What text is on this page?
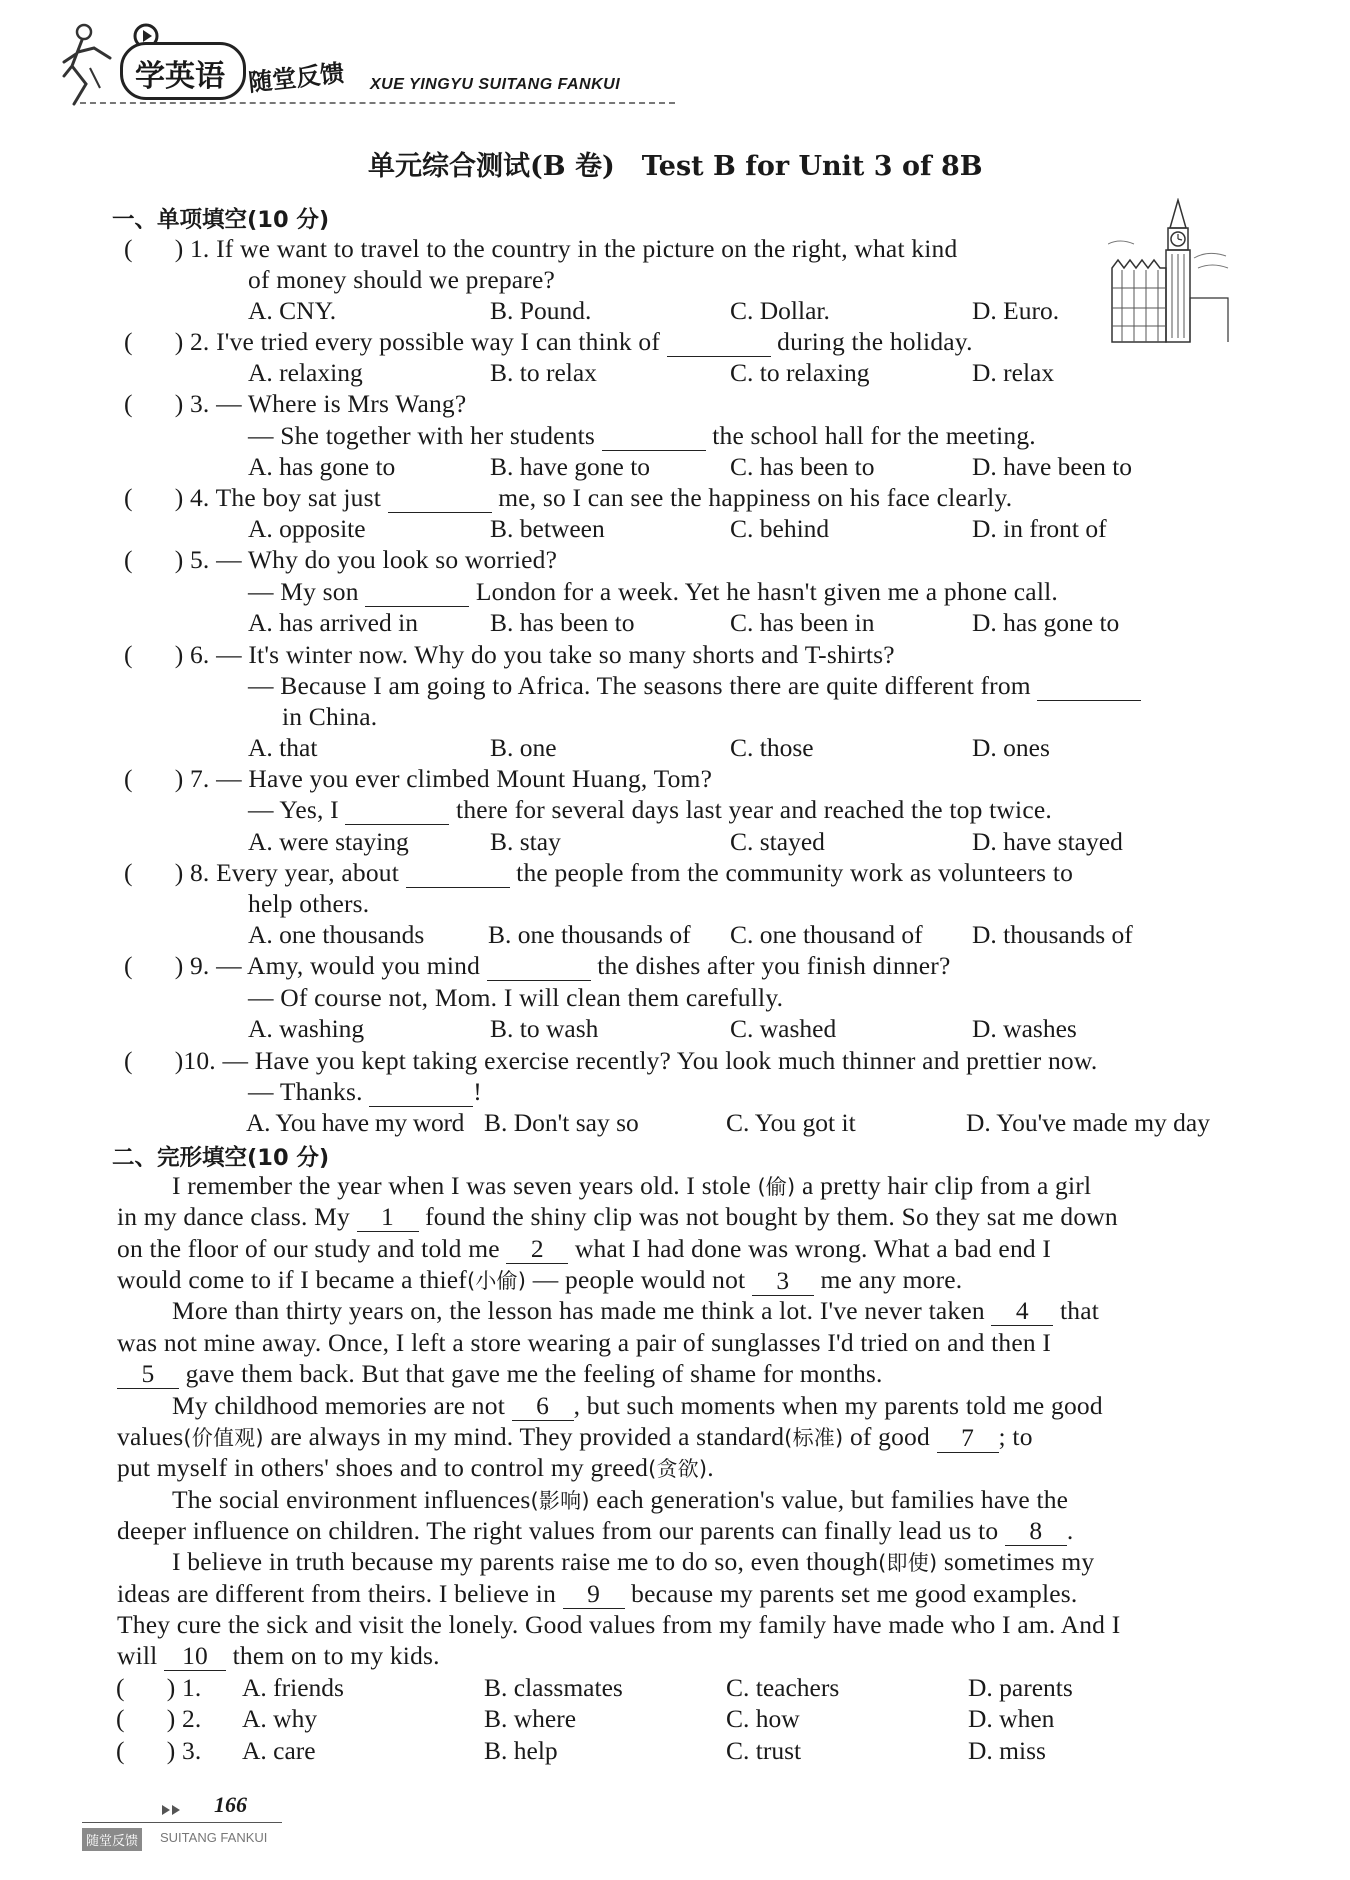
学英语 随堂反馈 XUE YINGYU SUITANG FANKUI
单元综合测试(B 卷)　Test B for Unit 3 of 8B
一、单项填空(10 分)
( ) 1. If we want to travel to the country in the picture on the right, what kind
of money should we prepare?
A. CNY.	B. Pound.	C. Dollar.	D. Euro.
( ) 2. I've tried every possible way I can think of	during the holiday.
A. relaxing	B. to relax	C. to relaxing	D. relax
( ) 3. — Where is Mrs Wang?
— She together with her students	the school hall for the meeting.
A. has gone to	B. have gone to	C. has been to	D. have been to
( ) 4. The boy sat just	me, so I can see the happiness on his face clearly.
A. opposite	B. between	C. behind	D. in front of
( ) 5. — Why do you look so worried?
— My son	London for a week. Yet he hasn't given me a phone call.
A. has arrived in	B. has been to	C. has been in	D. has gone to
( ) 6. — It's winter now. Why do you take so many shorts and T-shirts?
— Because I am going to Africa. The seasons there are quite different from
in China.
A. that	B. one	C. those	D. ones
( ) 7. — Have you ever climbed Mount Huang, Tom?
— Yes, I	there for several days last year and reached the top twice.
A. were staying	B. stay	C. stayed	D. have stayed
( ) 8. Every year, about	the people from the community work as volunteers to
help others.
A. one thousands B. one thousands of C. one thousand of D. thousands of
( ) 9. — Amy, would you mind	the dishes after you finish dinner?
— Of course not, Mom. I will clean them carefully.
A. washing	B. to wash	C. washed	D. washes
( )10. — Have you kept taking exercise recently? You look much thinner and prettier now.
— Thanks.	!
A. You have my word B. Don't say so	C. You got it	D. You've made my day
二、完形填空(10 分)
I remember the year when I was seven years old. I stole (偷) a pretty hair clip from a girl
in my dance class. My 1 found the shiny clip was not bought by them. So they sat me down
on the floor of our study and told me 2 what I had done was wrong. What a bad end I
would come to if I became a thief(小偷) — people would not 3 me any more.
More than thirty years on, the lesson has made me think a lot. I've never taken 4 that
was not mine away. Once, I left a store wearing a pair of sunglasses I'd tried on and then I
5 gave them back. But that gave me the feeling of shame for months.
My childhood memories are not 6 , but such moments when my parents told me good
values(价值观) are always in my mind. They provided a standard(标准) of good 7 ; to
put myself in others' shoes and to control my greed(贪欲).
The social environment influences(影响) each generation's value, but families have the
deeper influence on children. The right values from our parents can finally lead us to 8 .
I believe in truth because my parents raise me to do so, even though(即使) sometimes my
ideas are different from theirs. I believe in 9 because my parents set me good examples.
They cure the sick and visit the lonely. Good values from my family have made who I am. And I
will 10 them on to my kids.
( ) 1. A. friends	B. classmates	C. teachers	D. parents
( ) 2. A. why	B. where	C. how	D. when
( ) 3. A. care	B. help	C. trust	D. miss
166
随堂反馈	SUITANG FANKUI
